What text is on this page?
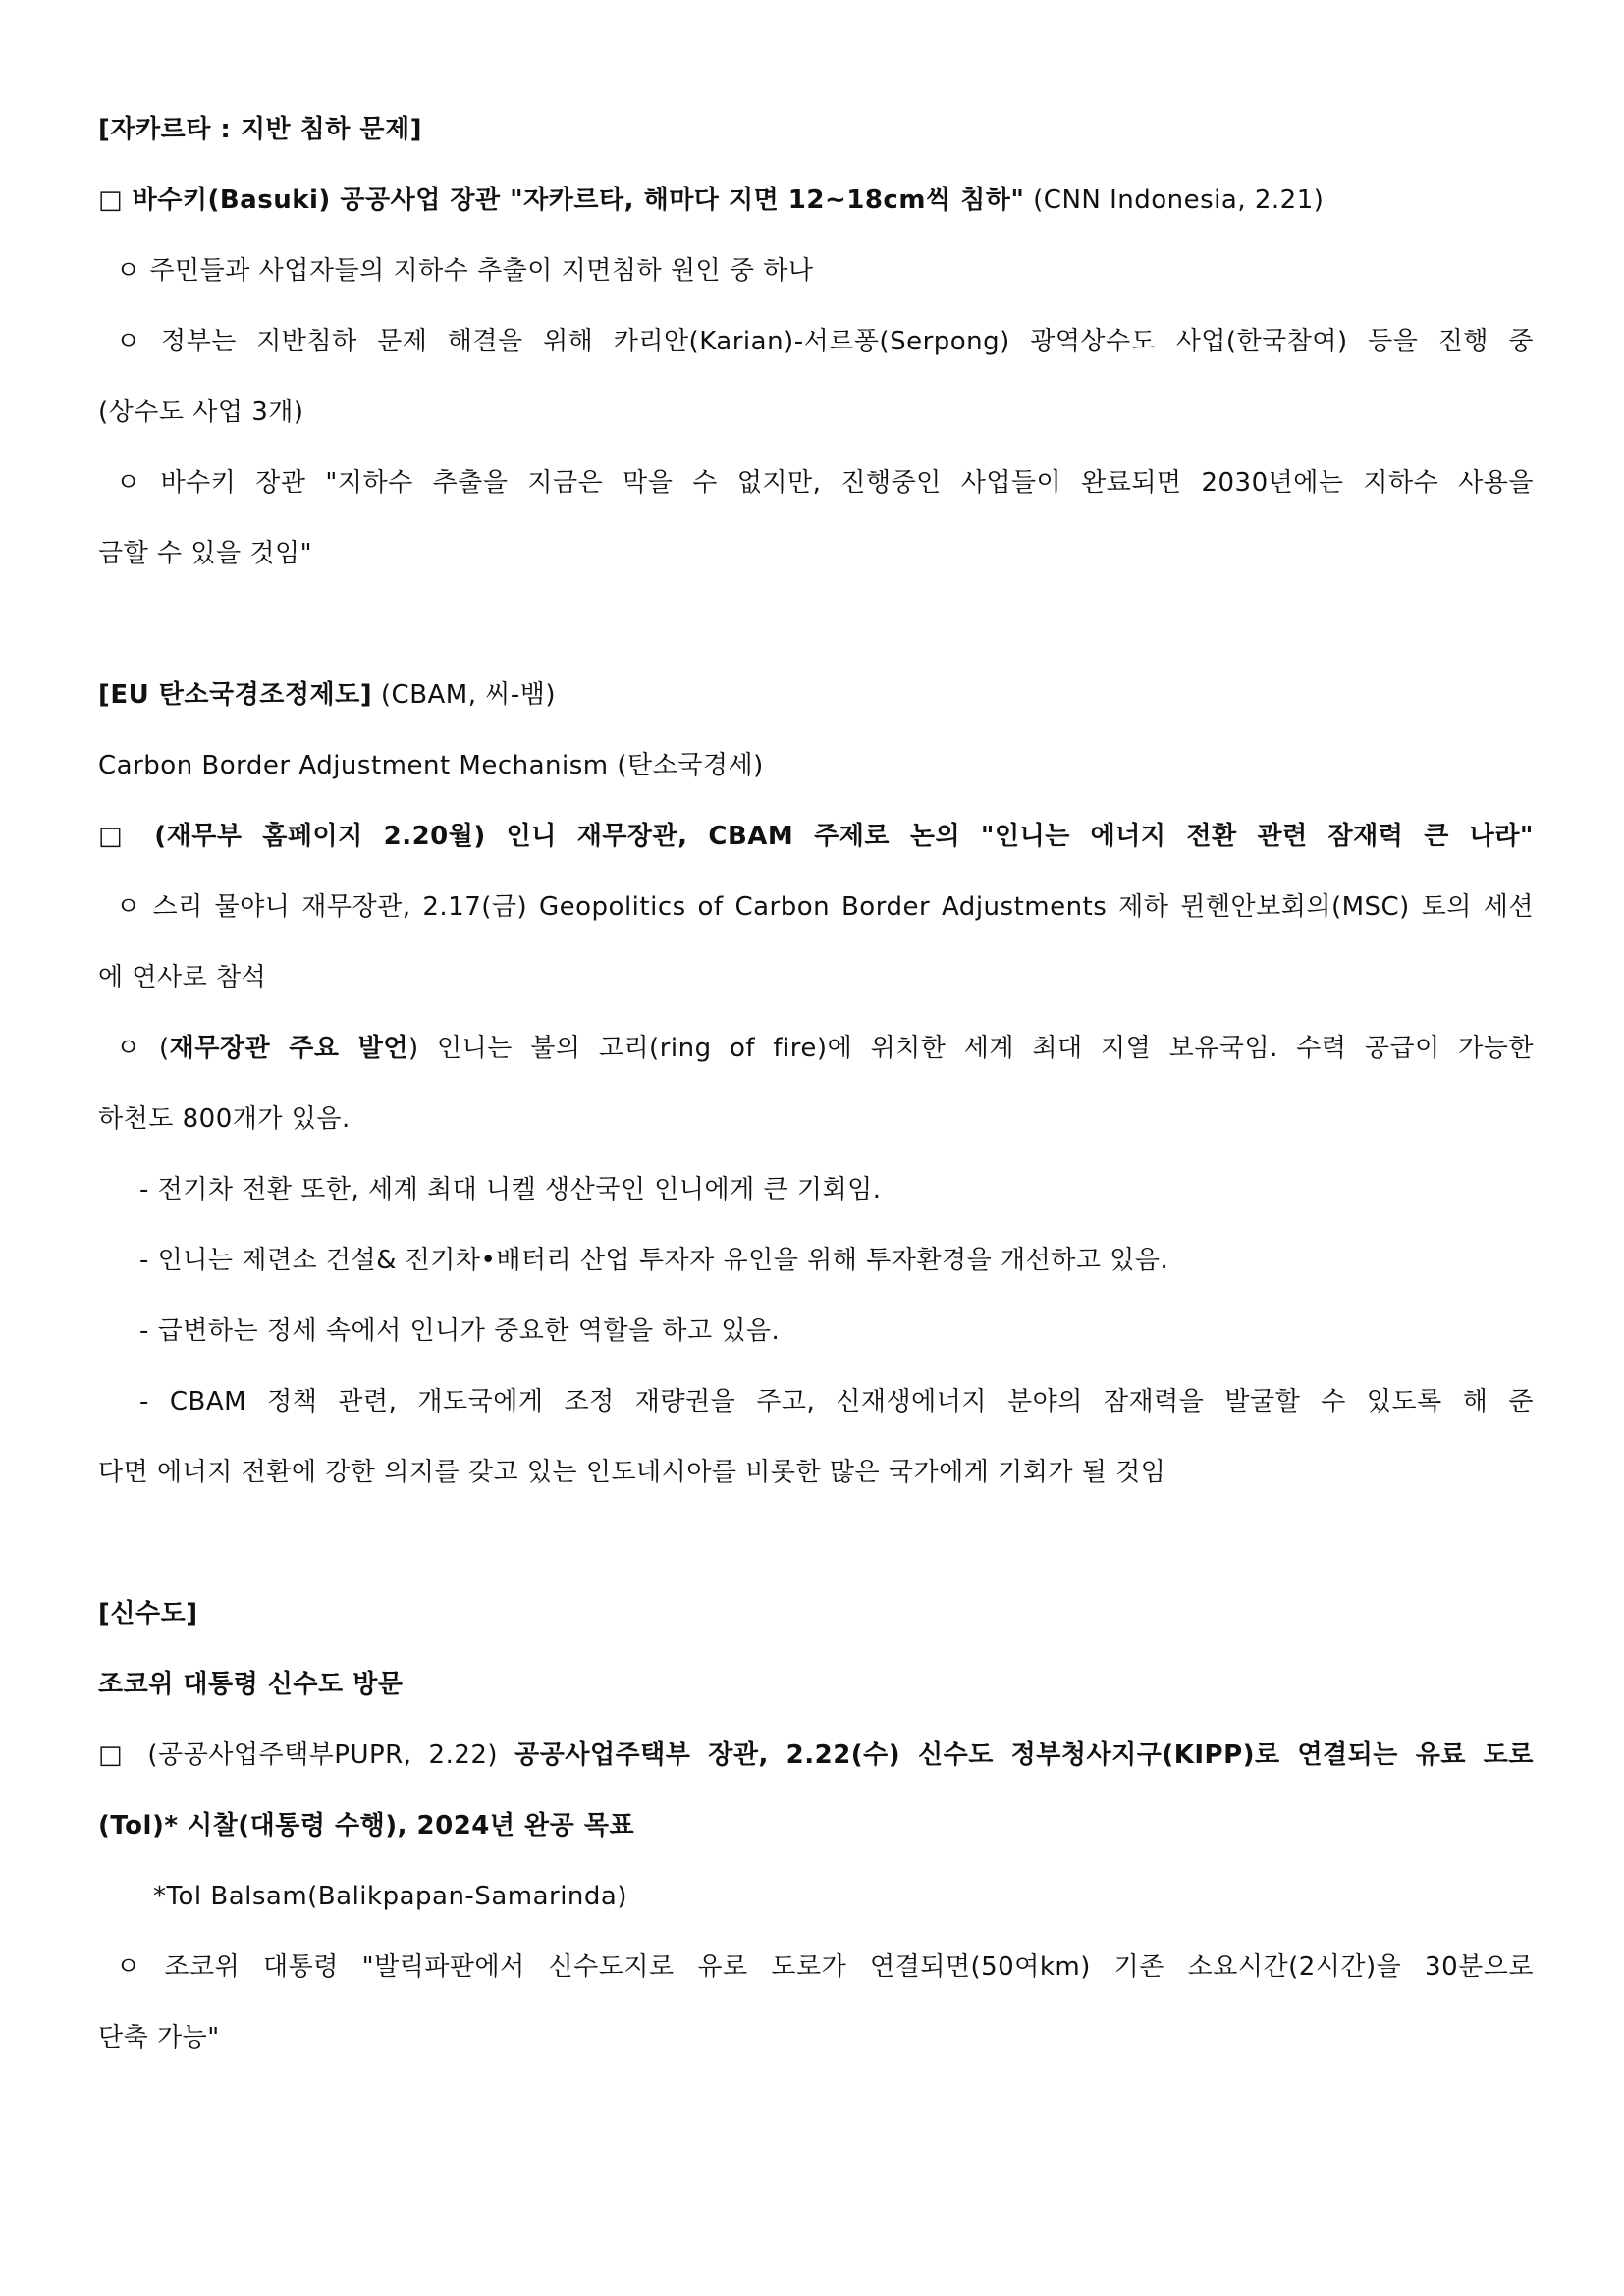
[자카르타 : 지반 침하 문제]
□ 바수키(Basuki) 공공사업 장관 "자카르타, 해마다 지면 12~18cm씩 침하" (CNN Indonesia, 2.21)
ㅇ 주민들과 사업자들의 지하수 추출이 지면침하 원인 중 하나
ㅇ 정부는 지반침하 문제 해결을 위해 카리안(Karian)-서르퐁(Serpong) 광역상수도 사업(한국참여) 등을 진행 중
(상수도 사업 3개)
ㅇ 바수키 장관 "지하수 추출을 지금은 막을 수 없지만, 진행중인 사업들이 완료되면 2030년에는 지하수 사용을
금할 수 있을 것임"
[EU 탄소국경조정제도] (CBAM, 씨-뱀)
Carbon Border Adjustment Mechanism (탄소국경세)
□ (재무부 홈페이지 2.20월) 인니 재무장관, CBAM 주제로 논의 "인니는 에너지 전환 관련 잠재력 큰 나라"
ㅇ 스리 물야니 재무장관, 2.17(금) Geopolitics of Carbon Border Adjustments 제하 뮌헨안보회의(MSC) 토의 세션
에 연사로 참석
ㅇ (재무장관 주요 발언) 인니는 불의 고리(ring of fire)에 위치한 세계 최대 지열 보유국임. 수력 공급이 가능한
하천도 800개가 있음.
- 전기차 전환 또한, 세계 최대 니켈 생산국인 인니에게 큰 기회임.
- 인니는 제련소 건설& 전기차•배터리 산업 투자자 유인을 위해 투자환경을 개선하고 있음.
- 급변하는 정세 속에서 인니가 중요한 역할을 하고 있음.
- CBAM 정책 관련, 개도국에게 조정 재량권을 주고, 신재생에너지 분야의 잠재력을 발굴할 수 있도록 해 준
다면 에너지 전환에 강한 의지를 갖고 있는 인도네시아를 비롯한 많은 국가에게 기회가 될 것임
[신수도]
조코위 대통령 신수도 방문
□ (공공사업주택부PUPR, 2.22) 공공사업주택부 장관, 2.22(수) 신수도 정부청사지구(KIPP)로 연결되는 유료 도로
(Tol)* 시찰(대통령 수행), 2024년 완공 목표
*Tol Balsam(Balikpapan-Samarinda)
ㅇ 조코위 대통령 "발릭파판에서 신수도지로 유로 도로가 연결되면(50여km) 기존 소요시간(2시간)을 30분으로
단축 가능"
